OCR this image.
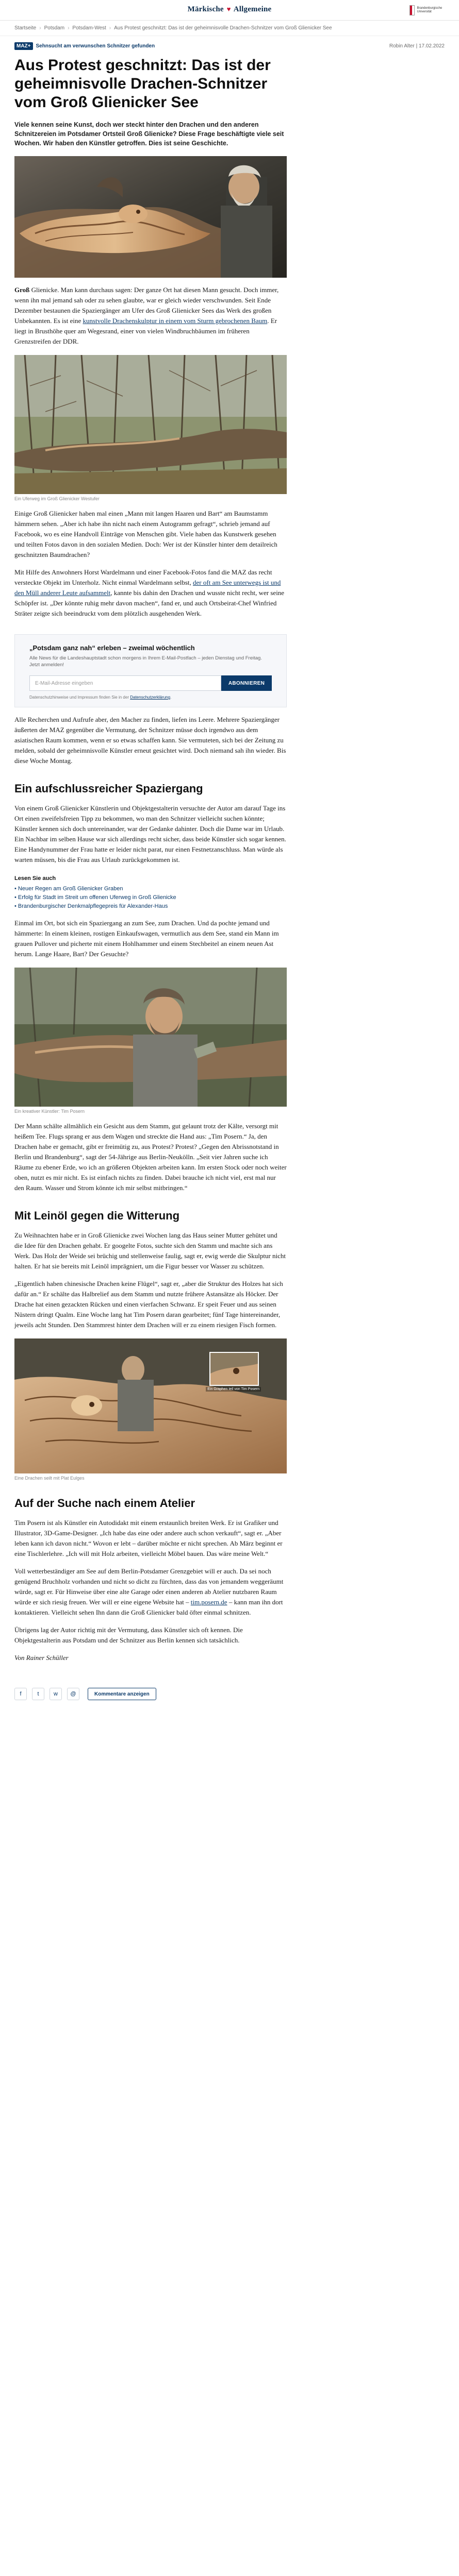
Märkische ♥ Allgemeine	Brandenburgische Universität
Startseite › Potsdam › Potsdam-West › Aus Protest geschnitzt: Das ist der geheimnisvolle Drachen-Schnitzer vom Groß Glienicker See
MAZ+	Sehnsucht am verwunschen Schnitzer gefunden	Robin Alter | 17.02.2022
Aus Protest geschnitzt: Das ist der geheimnisvolle Drachen-Schnitzer vom Groß Glienicker See

Viele kennen seine Kunst, doch wer steckt hinter den Drachen und den anderen Schnitzereien im Potsdamer Ortsteil Groß Glienicke? Diese Frage beschäftigte viele seit Wochen. Wir haben den Künstler getroffen. Dies ist seine Geschichte.

Groß Glienicke. Man kann durchaus sagen: Der ganze Ort hat diesen Mann gesucht. Doch immer, wenn ihn mal jemand sah oder zu sehen glaubte, war er gleich wieder verschwunden. Seit Ende Dezember bestaunen die Spaziergänger am Ufer des Groß Glienicker Sees das Werk des großen Unbekannten. Es ist eine kunstvolle Drachenskulptur in einem vom Sturm gebrochenen Baum. Er liegt in Brusthöhe quer am Wegesrand, einer von vielen Windbruchbäumen im früheren Grenzstreifen der DDR.

Ein Uferweg im Groß Glienicker Westufer

Einige Groß Glienicker haben mal einen „Mann mit langen Haaren und Bart“ am Baumstamm hämmern sehen. „Aber ich habe ihn nicht nach einem Autogramm gefragt“, schrieb jemand auf Facebook, wo es eine Handvoll Einträge von Menschen gibt. Viele haben das Kunstwerk gesehen und teilten Fotos davon in den sozialen Medien. Doch: Wer ist der Künstler hinter dem detailreich geschnitzten Baumdrachen?

Mit Hilfe des Anwohners Horst Wardelmann und einer Facebook-Fotos fand die MAZ das recht versteckte Objekt im Unterholz. Nicht einmal Wardelmann selbst, der oft am See unterwegs ist und den Müll anderer Leute aufsammelt, kannte bis dahin den Drachen und wusste nicht recht, wer seine Schöpfer ist. „Der könnte ruhig mehr davon machen“, fand er, und auch Ortsbeirat-Chef Winfried Sträter zeigte sich beeindruckt vom dem plötzlich ausgehenden Werk.

„Potsdam ganz nah“ erleben – zweimal wöchentlich
Alle News für die Landeshauptstadt schon morgens in Ihrem E-Mail-Postfach – jeden Dienstag und Freitag. Jetzt anmelden!
E-Mail-Adresse eingeben	ABONNIEREN
Datenschutzhinweise und Impressum finden Sie in der Datenschutzerklärung.

Alle Recherchen und Aufrufe aber, den Macher zu finden, liefen ins Leere. Mehrere Spaziergänger äußerten der MAZ gegenüber die Vermutung, der Schnitzer müsse doch irgendwo aus dem asiatischen Raum kommen, wenn er so etwas schaffen kann. Sie vermuteten, sich bei der Zeitung zu melden, sobald der geheimnisvolle Künstler erneut gesichtet wird. Doch niemand sah ihn wieder. Bis diese Woche Montag.

Ein aufschlussreicher Spaziergang

Von einem Groß Glienicker Künstlerin und Objektgestalterin versuchte der Autor am darauf Tage ins Ort einen zweifelsfreien Tipp zu bekommen, wo man den Schnitzer vielleicht suchen könnte; Künstler kennen sich doch untereinander, war der Gedanke dahinter. Doch die Dame war im Urlaub. Ein Nachbar im selben Hause war sich allerdings recht sicher, dass beide Künstler sich sogar kennen. Eine Handynummer der Frau hatte er leider nicht parat, nur einen Festnetzanschluss. Man würde als warten müssen, bis die Frau aus Urlaub zurückgekommen ist.

Lesen Sie auch
• Neuer Regen am Groß Glienicker Graben
• Erfolg für Stadt im Streit um offenen Uferweg in Groß Glienicke
• Brandenburgischer Denkmalpflegepreis für Alexander-Haus

Einmal im Ort, bot sich ein Spaziergang an zum See, zum Drachen. Und da pochte jemand und hämmerte: In einem kleinen, rostigen Einkaufswagen, vermutlich aus dem See, stand ein Mann im grauen Pullover und picherte mit einem Hohlhammer und einem Stechbeitel an einem neuen Ast herum. Lange Haare, Bart? Der Gesuchte?

Ein kreativer Künstler: Tim Posern

Der Mann schälte allmählich ein Gesicht aus dem Stamm, gut gelaunt trotz der Kälte, versorgt mit heißem Tee. Flugs sprang er aus dem Wagen und streckte die Hand aus: „Tim Posern.“ Ja, den Drachen habe er gemacht, gibt er freimütig zu, aus Protest? Protest? „Gegen den Abrissnotstand in Berlin und Brandenburg“, sagt der 54-Jährige aus Berlin-Neukölln. „Seit vier Jahren suche ich Räume zu ebener Erde, wo ich an größeren Objekten arbeiten kann. Im ersten Stock oder noch weiter oben, nutzt es mir nicht. Es ist einfach nichts zu finden. Dabei brauche ich nicht viel, erst mal nur den Raum. Wasser und Strom könnte ich mir selbst mitbringen.“

Mit Leinöl gegen die Witterung

Zu Weihnachten habe er in Groß Glienicke zwei Wochen lang das Haus seiner Mutter gehütet und die Idee für den Drachen gehabt. Er googelte Fotos, suchte sich den Stamm und machte sich ans Werk. Das Holz der Weide sei brüchig und stellenweise faulig, sagt er, ewig werde die Skulptur nicht halten. Er hat sie bereits mit Leinöl imprägniert, um die Figur besser vor Wasser zu schützen.

„Eigentlich haben chinesische Drachen keine Flügel“, sagt er, „aber die Struktur des Holzes hat sich dafür an.“ Er schälte das Halbrelief aus dem Stamm und nutzte frühere Astansätze als Höcker. Der Drache hat einen gezackten Rücken und einen vierfachen Schwanz. Er speit Feuer und aus seinen Nüstern dringt Qualm. Eine Woche lang hat Tim Posern daran gearbeitet; fünf Tage hintereinander, jeweils acht Stunden. Den Stammrest hinter dem Drachen will er zu einem riesigen Fisch formen.

Ein Graphen teil von Tim Posern
Eine Drachen seilt mit Plat Eulges
Auf der Suche nach einem Atelier

Tim Posern ist als Künstler ein Autodidakt mit einem erstaunlich breiten Werk. Er ist Grafiker und Illustrator, 3D-Game-Designer. „Ich habe das eine oder andere auch schon verkauft“, sagt er. „Aber leben kann ich davon nicht.“ Wovon er lebt – darüber möchte er nicht sprechen. Ab März beginnt er eine Tischlerlehre. „Ich will mit Holz arbeiten, vielleicht Möbel bauen. Das wäre meine Welt.“

Voll wetterbeständiger am See auf dem Berlin-Potsdamer Grenzgebiet will er auch. Da sei noch genügend Bruchholz vorhanden und nicht so dicht zu fürchten, dass das von jemandem weggeräumt würde, sagt er. Für Hinweise über eine alte Garage oder einen anderen ab Atelier nutzbaren Raum würde er sich riesig freuen. Wer will er eine eigene Website hat – tim.posern.de – kann man ihn dort kontaktieren. Vielleicht sehen Ihn dann die Groß Glienicker bald öfter einmal schnitzen.

Übrigens lag der Autor richtig mit der Vermutung, dass Künstler sich oft kennen. Die Objektgestalterin aus Potsdam und der Schnitzer aus Berlin kennen sich tatsächlich.

Von Rainer Schüller

f	t	w	@	Kommentare anzeigen
